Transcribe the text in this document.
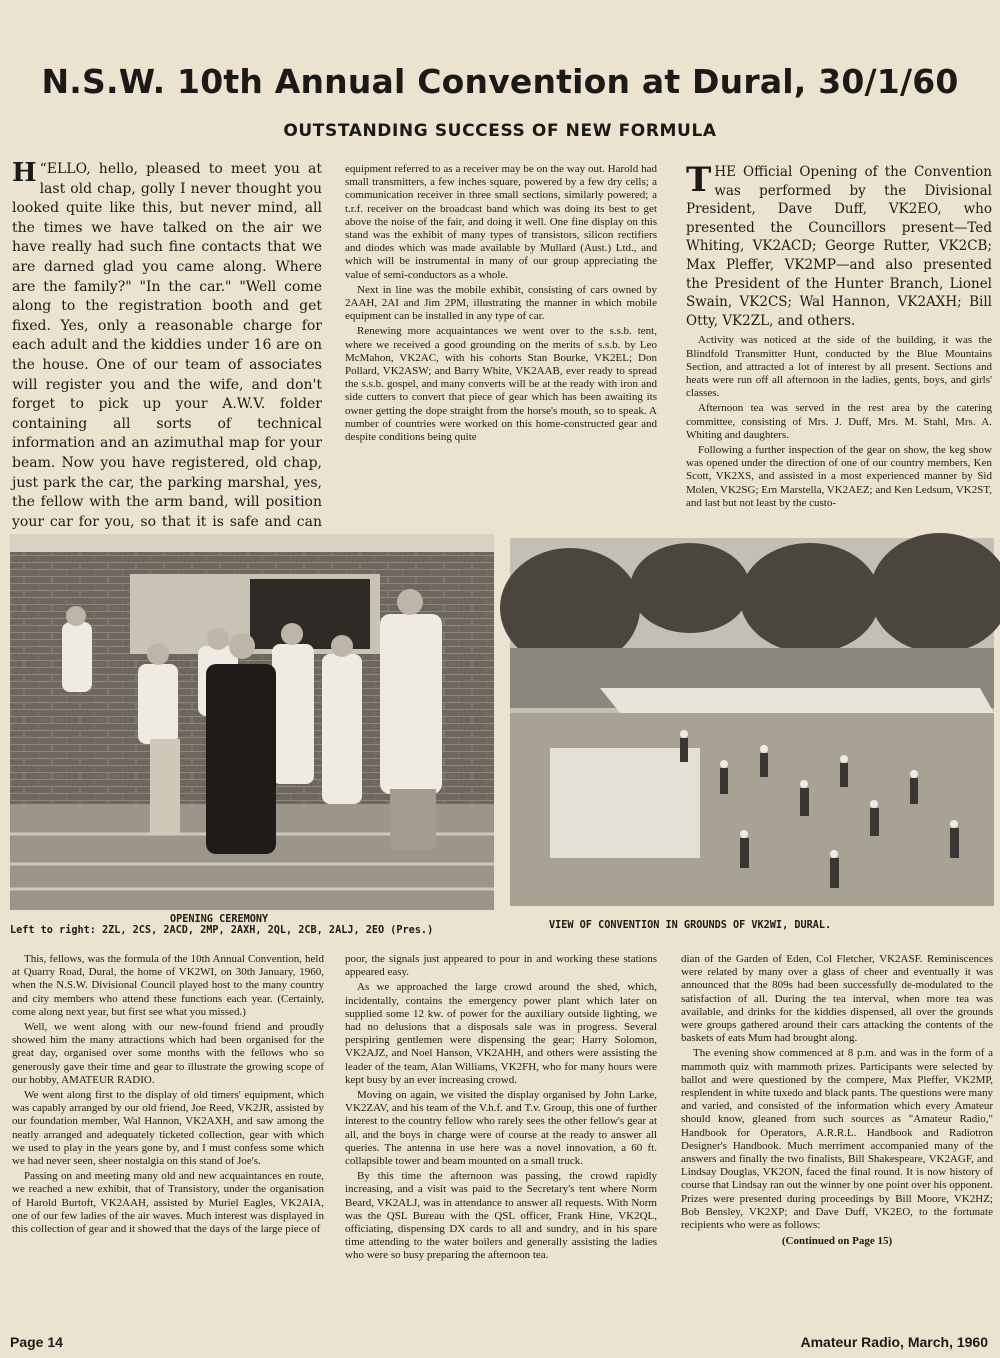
N.S.W. 10th Annual Convention at Dural, 30/1/60
OUTSTANDING SUCCESS OF NEW FORMULA

“
H ELLO, hello, pleased to meet you at last old chap, golly I never thought you looked quite like this, but never mind, all the times we have talked on the air we have really had such fine contacts that we are darned glad you came along. Where are the family?" "In the car." "Well come along to the registration booth and get fixed. Yes, only a reasonable charge for each adult and the kiddies under 16 are on the house. One of our team of associates will register you and the wife, and don't forget to pick up your A.W.V. folder containing all sorts of technical information and an azimuthal map for your beam. Now you have registered, old chap, just park the car, the parking marshal, yes, the fellow with the arm band, will position your car for you, so that it is safe and can

equipment referred to as a receiver may be on the way out. Harold had small transmitters, a few inches square, powered by a few dry cells; a communication receiver in three small sections, similarly powered; a t.r.f. receiver on the broadcast band which was doing its best to get above the noise of the fair, and doing it well. One fine display on this stand was the exhibit of many types of transistors, silicon rectifiers and diodes which was made available by Mullard (Aust.) Ltd., and which will be instrumental in many of our group appreciating the value of semi-conductors as a whole.

Next in line was the mobile exhibit, consisting of cars owned by 2AAH, 2AI and Jim 2PM, illustrating the manner in which mobile equipment can be installed in any type of car.

Renewing more acquaintances we went over to the s.s.b. tent, where we received a good grounding on the merits of s.s.b. by Leo McMahon, VK2AC, with his cohorts Stan Bourke, VK2EL; Don Pollard, VK2ASW; and Barry White, VK2AAB, ever ready to spread the s.s.b. gospel, and many converts will be at the ready with iron and side cutters to convert that piece of gear which has been awaiting its owner getting the dope straight from the horse's mouth, so to speak. A number of countries were worked on this home-constructed gear and despite conditions being quite

THE Official Opening of the Convention was performed by the Divisional President, Dave Duff, VK2EO, who presented the Councillors present—Ted Whiting, VK2ACD; George Rutter, VK2CB; Max Pleffer, VK2MP—and also presented the President of the Hunter Branch, Lionel Swain, VK2CS; Wal Hannon, VK2AXH; Bill Otty, VK2ZL, and others.

Activity was noticed at the side of the building, it was the Blindfold Transmitter Hunt, conducted by the Blue Mountains Section, and attracted a lot of interest by all present. Sections and heats were run off all afternoon in the ladies, gents, boys, and girls' classes.

Afternoon tea was served in the rest area by the catering committee, consisting of Mrs. J. Duff, Mrs. M. Stahl, Mrs. A. Whiting and daughters.

Following a further inspection of the gear on show, the keg show was opened under the direction of one of our country members, Ken Scott, VK2XS, and assisted in a most experienced manner by Sid Molen, VK2SG; Ern Marstella, VK2AEZ; and Ken Ledsum, VK2ST, and last but not least by the custo-

OPENING CEREMONY
Left to right: 2ZL, 2CS, 2ACD, 2MP, 2AXH, 2QL, 2CB, 2ALJ, 2EO (Pres.)	VIEW OF CONVENTION IN GROUNDS OF VK2WI, DURAL.

This, fellows, was the formula of the 10th Annual Convention, held at Quarry Road, Dural, the home of VK2WI, on 30th January, 1960, when the N.S.W. Divisional Council played host to the many country and city members who attend these functions each year. (Certainly, come along next year, but first see what you missed.)

Well, we went along with our new-found friend and proudly showed him the many attractions which had been organised for the great day, organised over some months with the fellows who so generously gave their time and gear to illustrate the growing scope of our hobby, AMATEUR RADIO.

We went along first to the display of old timers' equipment, which was capably arranged by our old friend, Joe Reed, VK2JR, assisted by our foundation member, Wal Hannon, VK2AXH, and saw among the neatly arranged and adequately ticketed collection, gear with which we used to play in the years gone by, and I must confess some which we had never seen, sheer nostalgia on this stand of Joe's.

Passing on and meeting many old and new acquaintances en route, we reached a new exhibit, that of Transistory, under the organisation of Harold Burtoft, VK2AAH, assisted by Muriel Eagles, VK2AIA, one of our few ladies of the air waves. Much interest was displayed in this collection of gear and it showed that the days of the large piece of

poor, the signals just appeared to pour in and working these stations appeared easy.

As we approached the large crowd around the shed, which, incidentally, contains the emergency power plant which later on supplied some 12 kw. of power for the auxiliary outside lighting, we had no delusions that a disposals sale was in progress. Several perspiring gentlemen were dispensing the gear; Harry Solomon, VK2AJZ, and Noel Hanson, VK2AHH, and others were assisting the leader of the team, Alan Williams, VK2FH, who for many hours were kept busy by an ever increasing crowd.

Moving on again, we visited the display organised by John Larke, VK2ZAV, and his team of the V.h.f. and T.v. Group, this one of further interest to the country fellow who rarely sees the other fellow's gear at all, and the boys in charge were of course at the ready to answer all queries. The antenna in use here was a novel innovation, a 60 ft. collapsible tower and beam mounted on a small truck.

By this time the afternoon was passing, the crowd rapidly increasing, and a visit was paid to the Secretary's tent where Norm Beard, VK2ALJ, was in attendance to answer all requests. With Norm was the QSL Bureau with the QSL officer, Frank Hine, VK2QL, officiating, dispensing DX cards to all and sundry, and in his spare time attending to the water boilers and generally assisting the ladies who were so busy preparing the afternoon tea.

dian of the Garden of Eden, Col Fletcher, VK2ASF. Reminiscences were related by many over a glass of cheer and eventually it was announced that the 809s had been successfully de-modulated to the satisfaction of all. During the tea interval, when more tea was available, and drinks for the kiddies dispensed, all over the grounds were groups gathered around their cars attacking the contents of the baskets of eats Mum had brought along.

The evening show commenced at 8 p.m. and was in the form of a mammoth quiz with mammoth prizes. Participants were selected by ballot and were questioned by the compere, Max Pleffer, VK2MP, resplendent in white tuxedo and black pants. The questions were many and varied, and consisted of the information which every Amateur should know, gleaned from such sources as "Amateur Radio," Handbook for Operators, A.R.R.L. Handbook and Radiotron Designer's Handbook. Much merriment accompanied many of the answers and finally the two finalists, Bill Shakespeare, VK2AGF, and Lindsay Douglas, VK2ON, faced the final round. It is now history of course that Lindsay ran out the winner by one point over his opponent. Prizes were presented during proceedings by Bill Moore, VK2HZ; Bob Bensley, VK2XP; and Dave Duff, VK2EO, to the fortunate recipients who were as follows:

(Continued on Page 15)
Page 14	Amateur Radio, March, 1960
